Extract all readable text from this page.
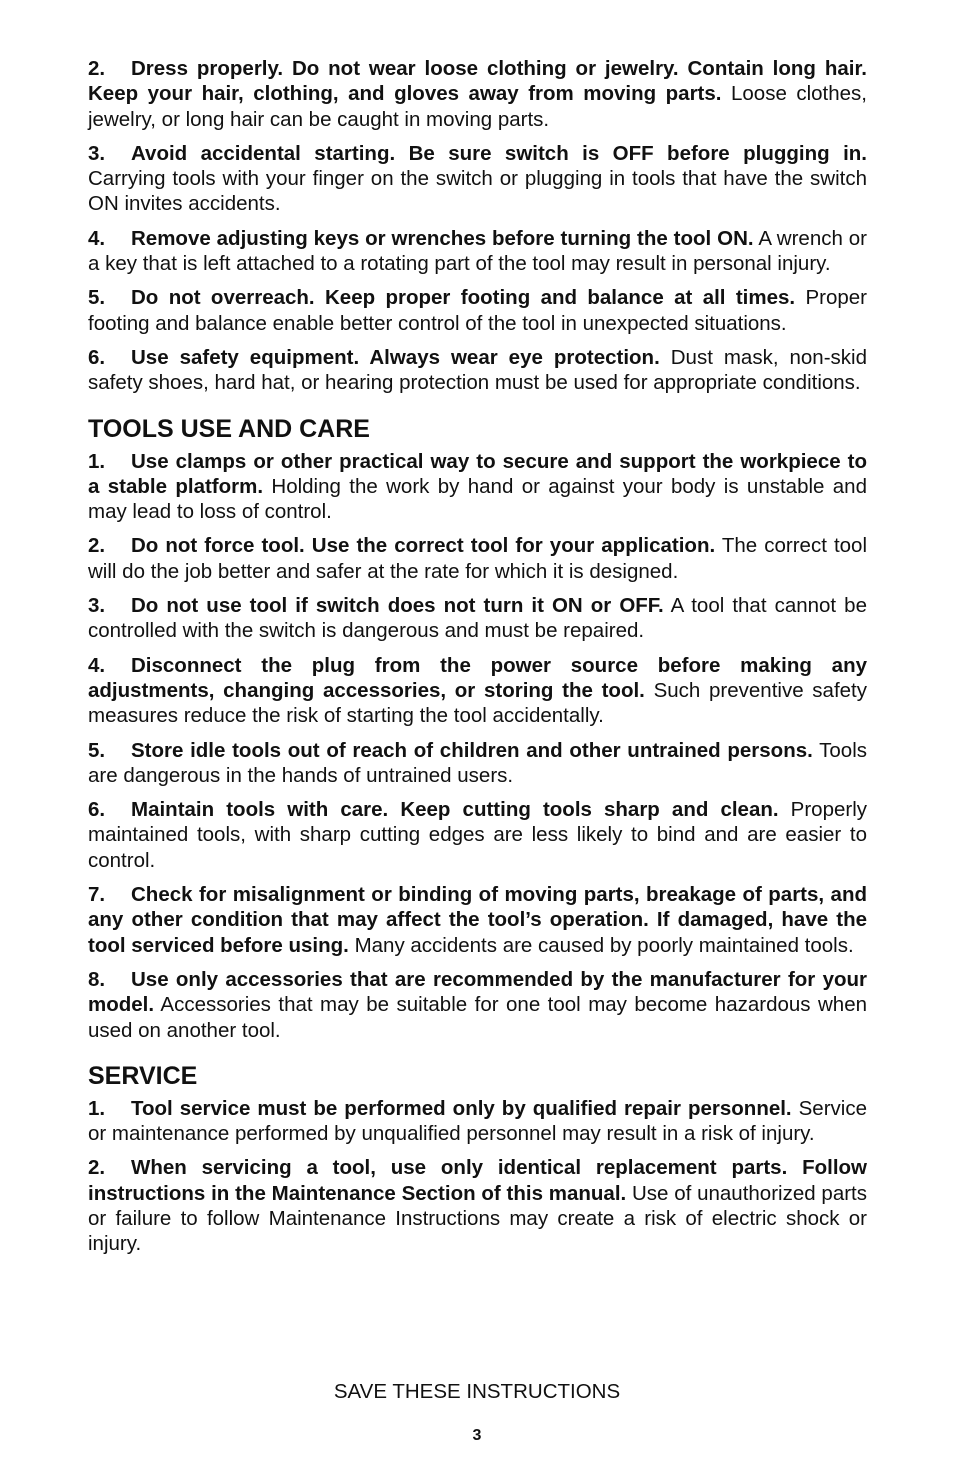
2. Dress properly. Do not wear loose clothing or jewelry. Contain long hair. Keep your hair, clothing, and gloves away from moving parts. Loose clothes, jewelry, or long hair can be caught in moving parts.

3. Avoid accidental starting. Be sure switch is OFF before plugging in. Carrying tools with your finger on the switch or plugging in tools that have the switch ON invites accidents.

4. Remove adjusting keys or wrenches before turning the tool ON. A wrench or a key that is left attached to a rotating part of the tool may result in personal injury.

5. Do not overreach. Keep proper footing and balance at all times. Proper footing and balance enable better control of the tool in unexpected situations.

6. Use safety equipment. Always wear eye protection. Dust mask, non-skid safety shoes, hard hat, or hearing protection must be used for appropriate conditions.

TOOLS USE AND CARE

1. Use clamps or other practical way to secure and support the workpiece to a stable platform. Holding the work by hand or against your body is unstable and may lead to loss of control.

2. Do not force tool. Use the correct tool for your application. The correct tool will do the job better and safer at the rate for which it is designed.

3. Do not use tool if switch does not turn it ON or OFF. A tool that cannot be controlled with the switch is dangerous and must be repaired.

4. Disconnect the plug from the power source before making any adjustments, changing accessories, or storing the tool. Such preventive safety measures reduce the risk of starting the tool accidentally.

5. Store idle tools out of reach of children and other untrained persons. Tools are dangerous in the hands of untrained users.

6. Maintain tools with care. Keep cutting tools sharp and clean. Properly maintained tools, with sharp cutting edges are less likely to bind and are easier to control.

7. Check for misalignment or binding of moving parts, breakage of parts, and any other condition that may affect the tool’s operation. If damaged, have the tool serviced before using. Many accidents are caused by poorly maintained tools.

8. Use only accessories that are recommended by the manufacturer for your model. Accessories that may be suitable for one tool may become hazardous when used on another tool.

SERVICE

1. Tool service must be performed only by qualified repair personnel. Service or maintenance performed by unqualified personnel may result in a risk of injury.

2. When servicing a tool, use only identical replacement parts. Follow instructions in the Maintenance Section of this manual. Use of unauthorized parts or failure to follow Maintenance Instructions may create a risk of electric shock or injury.

SAVE THESE INSTRUCTIONS
3
